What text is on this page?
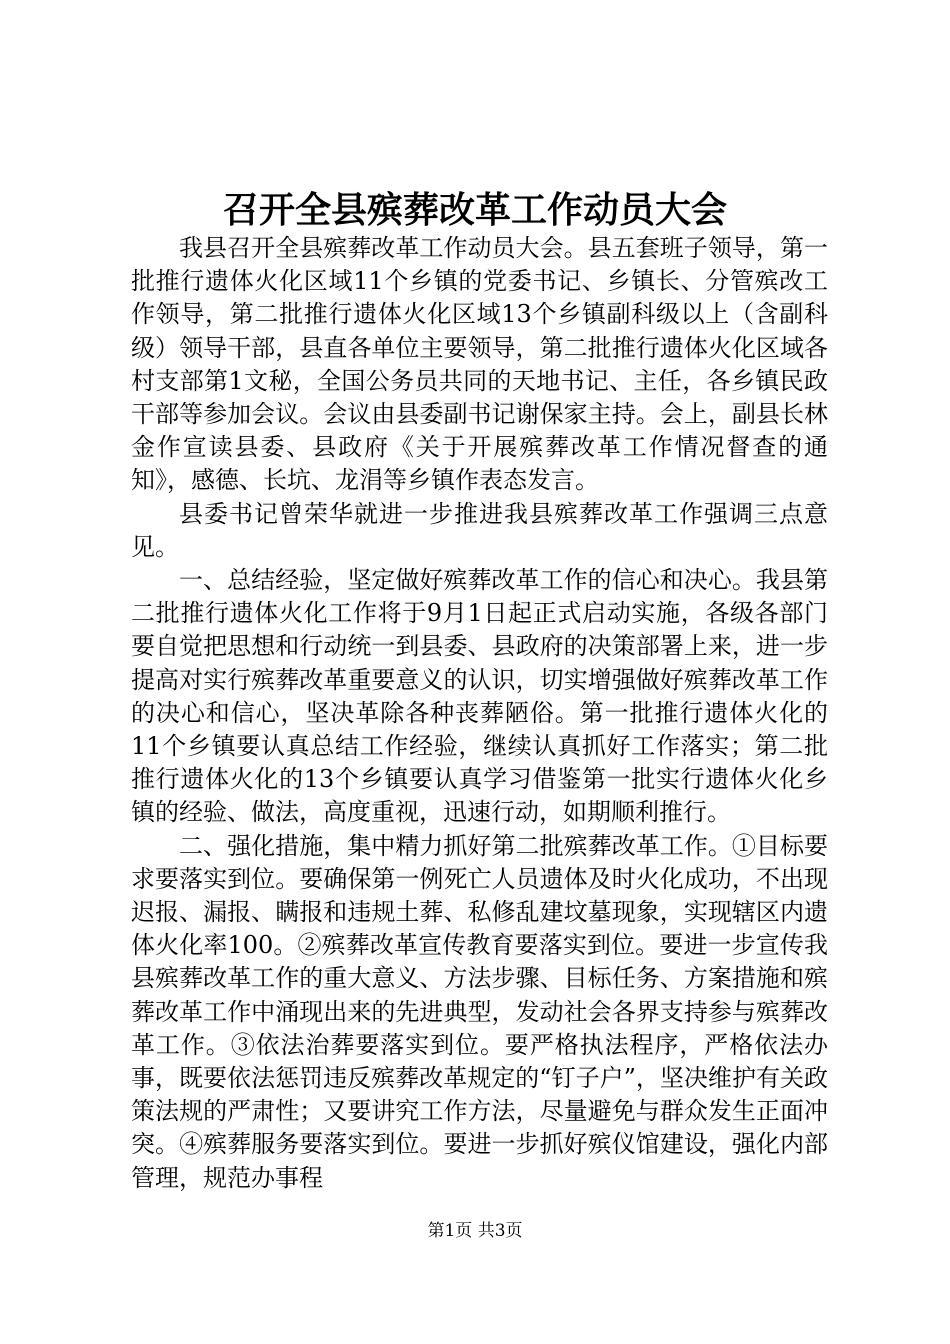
召开全县殡葬改革工作动员大会

我县召开全县殡葬改革工作动员大会。县五套班子领导，第一批推行遗体火化区域11个乡镇的党委书记、乡镇长、分管殡改工作领导，第二批推行遗体火化区域13个乡镇副科级以上（含副科级）领导干部，县直各单位主要领导，第二批推行遗体火化区域各村支部第1文秘，全国公务员共同的天地书记、主任，各乡镇民政干部等参加会议。会议由县委副书记谢保家主持。会上，副县长林金作宣读县委、县政府《关于开展殡葬改革工作情况督查的通知》，感德、长坑、龙涓等乡镇作表态发言。

县委书记曾荣华就进一步推进我县殡葬改革工作强调三点意见。

一、总结经验，坚定做好殡葬改革工作的信心和决心。我县第二批推行遗体火化工作将于9月1日起正式启动实施，各级各部门要自觉把思想和行动统一到县委、县政府的决策部署上来，进一步提高对实行殡葬改革重要意义的认识，切实增强做好殡葬改革工作的决心和信心，坚决革除各种丧葬陋俗。第一批推行遗体火化的11个乡镇要认真总结工作经验，继续认真抓好工作落实；第二批推行遗体火化的13个乡镇要认真学习借鉴第一批实行遗体火化乡镇的经验、做法，高度重视，迅速行动，如期顺利推行。

二、强化措施，集中精力抓好第二批殡葬改革工作。①目标要求要落实到位。要确保第一例死亡人员遗体及时火化成功，不出现迟报、漏报、瞒报和违规土葬、私修乱建坟墓现象，实现辖区内遗体火化率100。②殡葬改革宣传教育要落实到位。要进一步宣传我县殡葬改革工作的重大意义、方法步骤、目标任务、方案措施和殡葬改革工作中涌现出来的先进典型，发动社会各界支持参与殡葬改革工作。③依法治葬要落实到位。要严格执法程序，严格依法办事，既要依法惩罚违反殡葬改革规定的“钉子户”，坚决维护有关政策法规的严肃性；又要讲究工作方法，尽量避免与群众发生正面冲突。④殡葬服务要落实到位。要进一步抓好殡仪馆建设，强化内部管理，规范办事程

第1页 共3页
